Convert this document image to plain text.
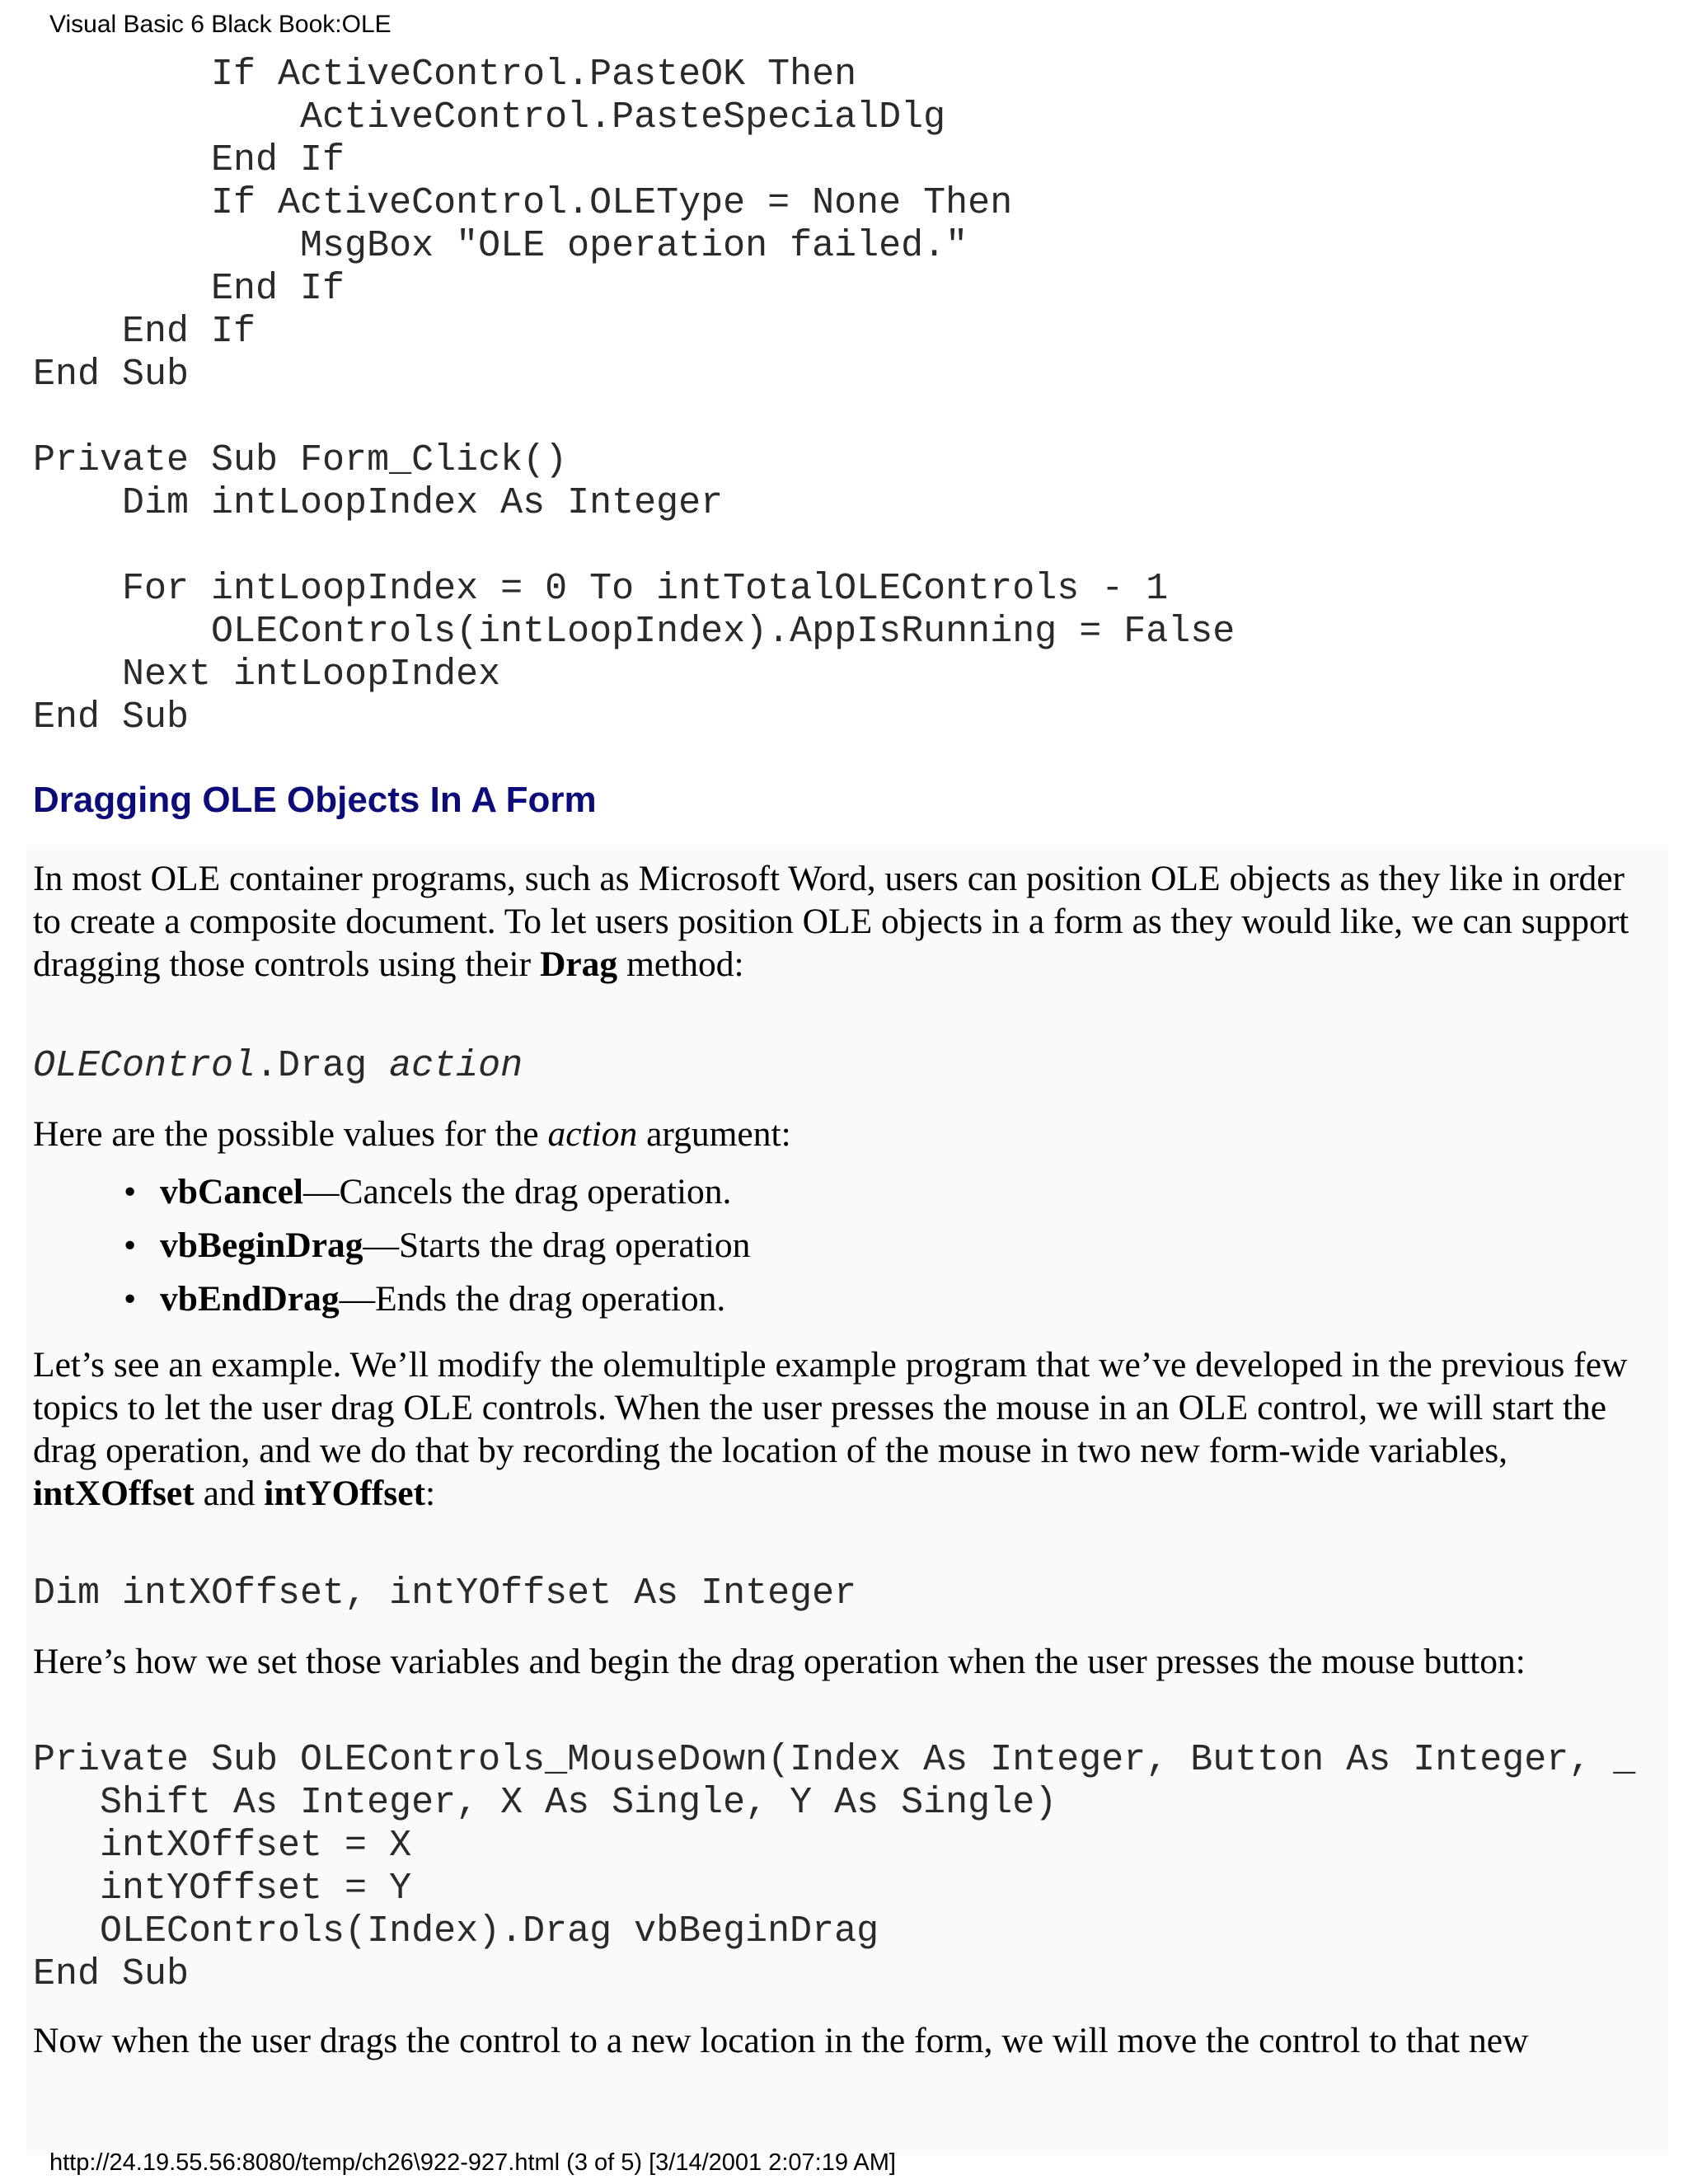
Visual Basic 6 Black Book:OLE
If ActiveControl.PasteOK Then
ActiveControl.PasteSpecialDlg
End If
If ActiveControl.OLEType = None Then
MsgBox "OLE operation failed."
End If
End If
End Sub
Private Sub Form_Click()
Dim intLoopIndex As Integer
For intLoopIndex = 0 To intTotalOLEControls - 1
OLEControls(intLoopIndex).AppIsRunning = False
Next intLoopIndex
End Sub
Dragging OLE Objects In A Form

In most OLE container programs, such as Microsoft Word, users can position OLE objects as they like in order to create a composite document. To let users position OLE objects in a form as they would like, we can support dragging those controls using their Drag method:

OLEControl.Drag action

Here are the possible values for the action argument:

• vbCancel—Cancels the drag operation.
• vbBeginDrag—Starts the drag operation
• vbEndDrag—Ends the drag operation.

Let’s see an example. We’ll modify the olemultiple example program that we’ve developed in the previous few topics to let the user drag OLE controls. When the user presses the mouse in an OLE control, we will start the drag operation, and we do that by recording the location of the mouse in two new form-wide variables, intXOffset and intYOffset:

Dim intXOffset, intYOffset As Integer

Here’s how we set those variables and begin the drag operation when the user presses the mouse button:

Private Sub OLEControls_MouseDown(Index As Integer, Button As Integer, _
Shift As Integer, X As Single, Y As Single)
intXOffset = X
intYOffset = Y
OLEControls(Index).Drag vbBeginDrag
End Sub

Now when the user drags the control to a new location in the form, we will move the control to that new

http://24.19.55.56:8080/temp/ch26\922-927.html (3 of 5) [3/14/2001 2:07:19 AM]
